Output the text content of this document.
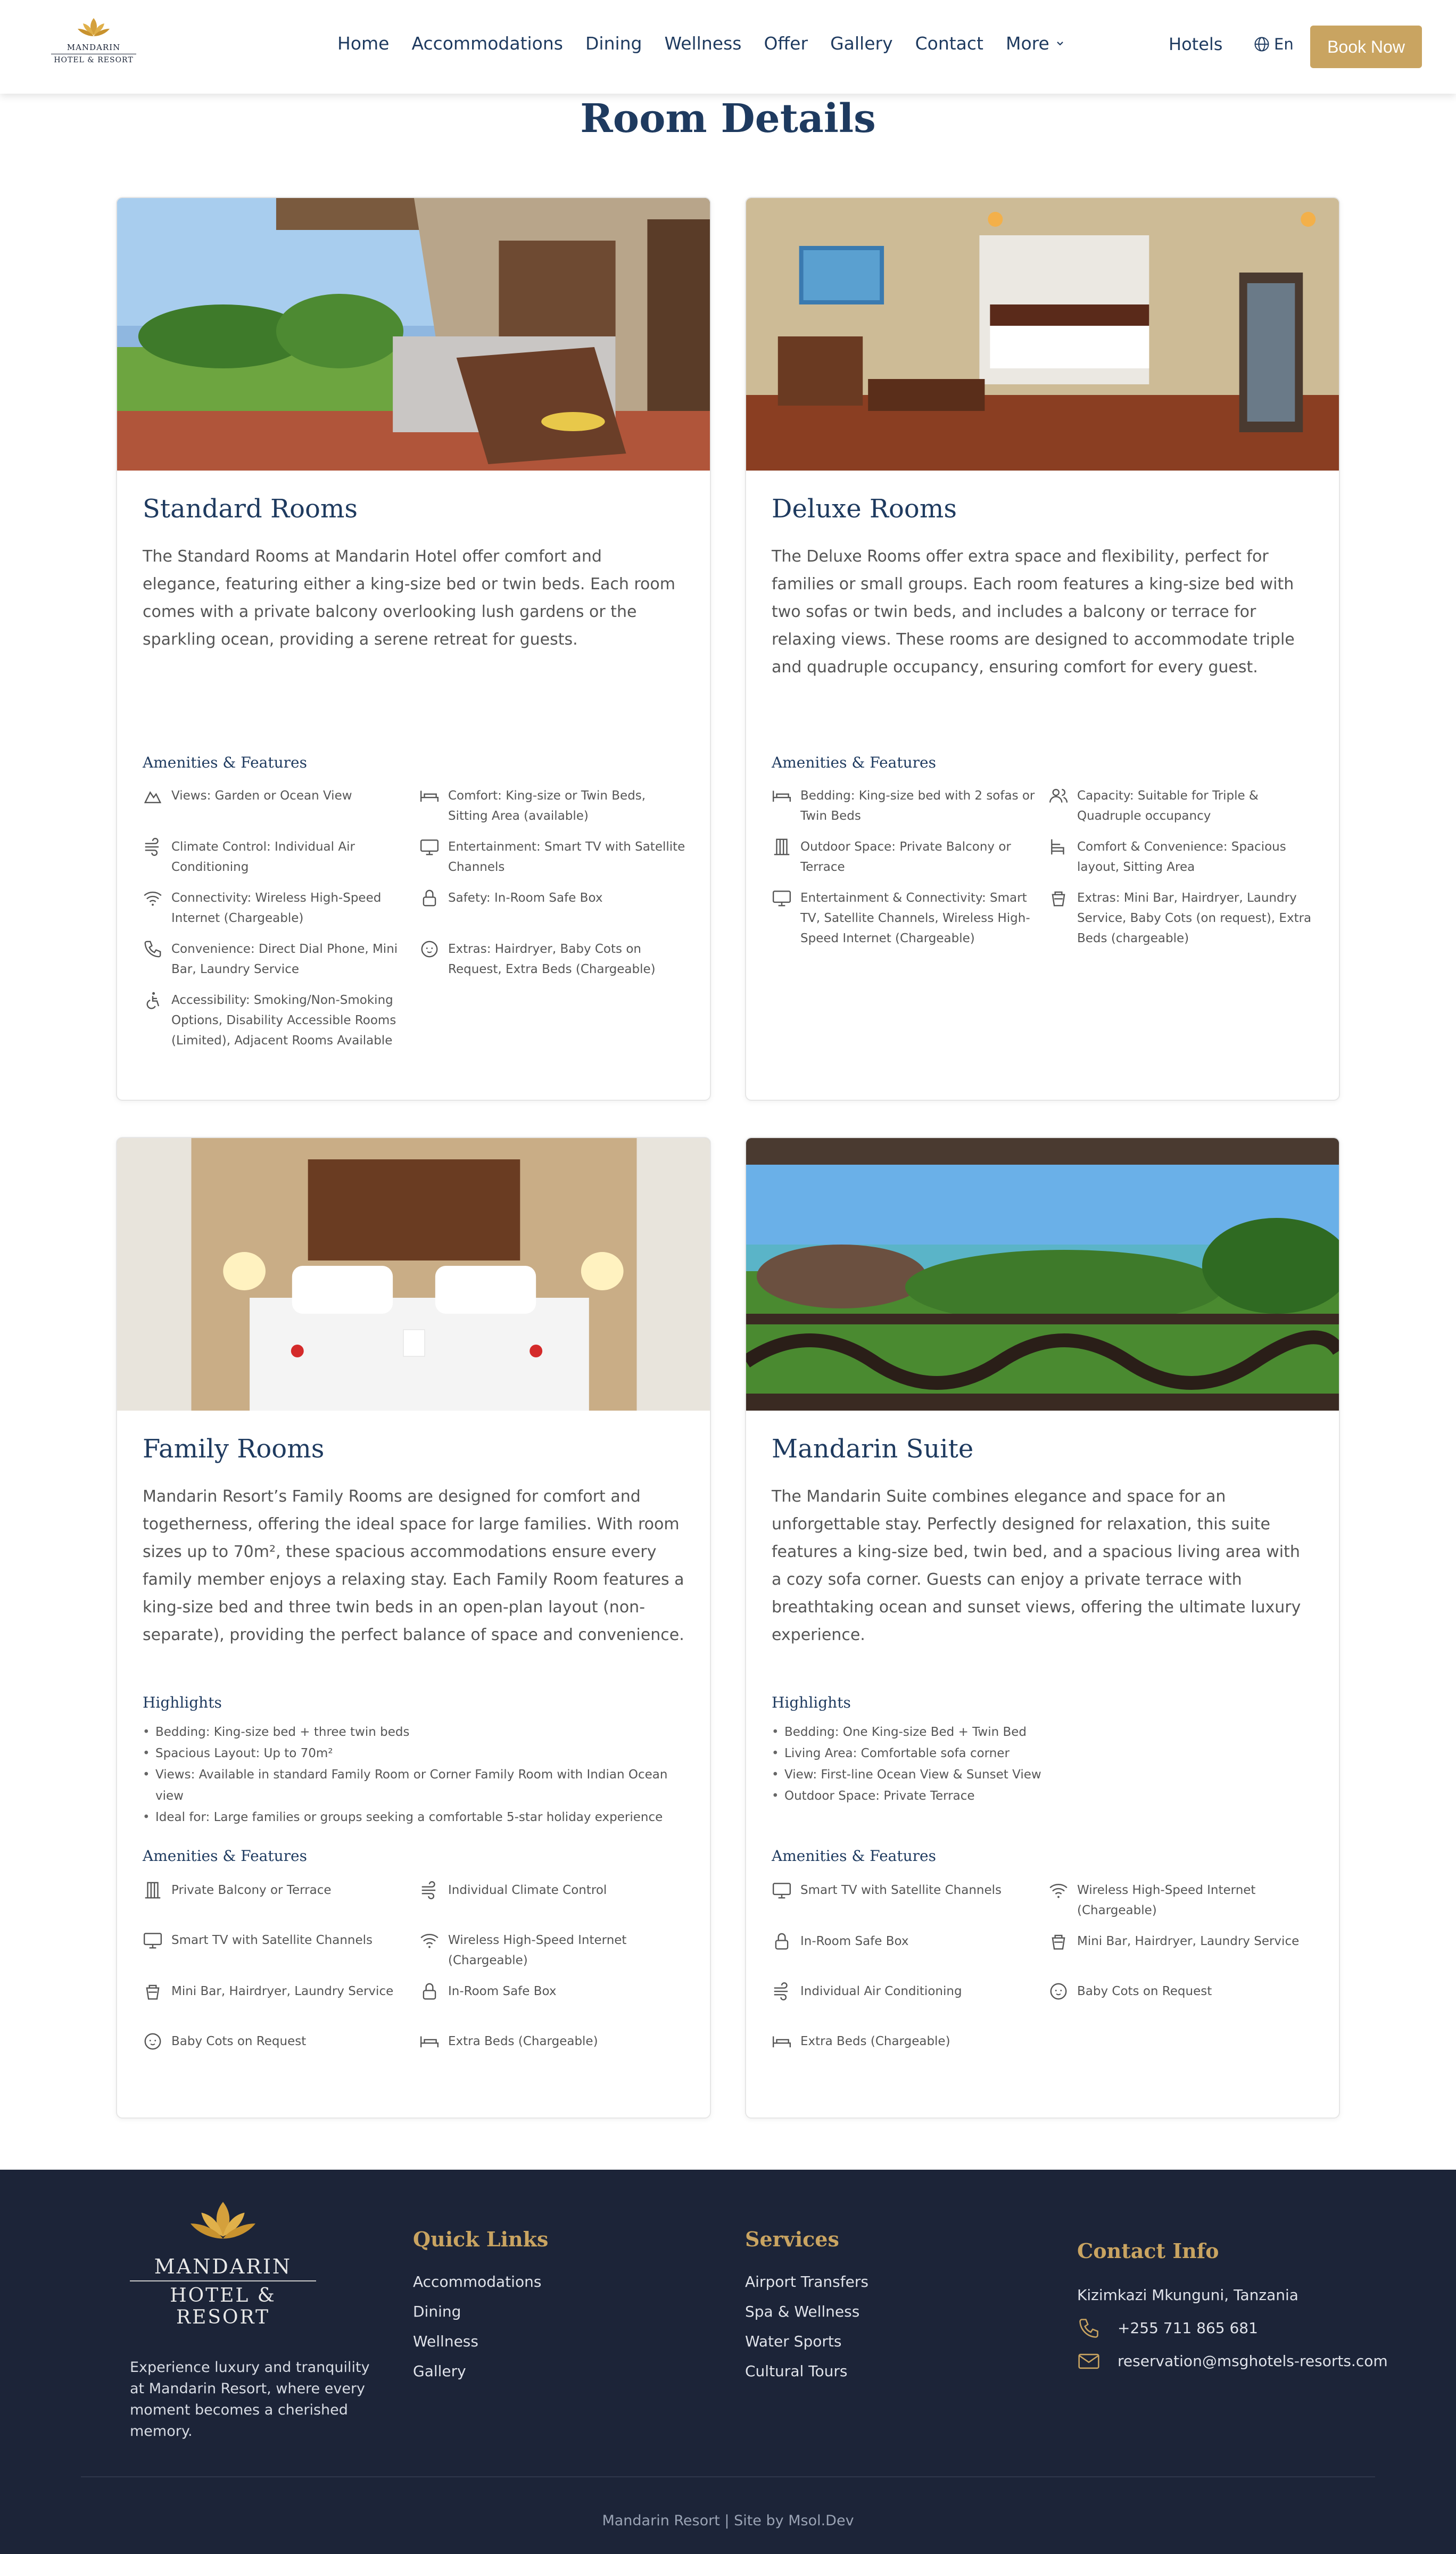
MANDARIN
HOTEL & RESORT
Home Accommodations Dining Wellness Offer Gallery Contact More	Hotels	En	Book Now
Room Details
Standard Rooms

The Standard Rooms at Mandarin Hotel offer comfort and elegance, featuring either a king-size bed or twin beds. Each room comes with a private balcony overlooking lush gardens or the sparkling ocean, providing a serene retreat for guests.

Amenities & Features
Views: Garden or Ocean View	Comfort: King-size or Twin Beds, Sitting Area (available)
Climate Control: Individual Air Conditioning
Entertainment: Smart TV with Satellite Channels
Connectivity: Wireless High-Speed Internet (Chargeable)
Safety: In-Room Safe Box
Convenience: Direct Dial Phone, Mini Bar, Laundry Service
Extras: Hairdryer, Baby Cots on Request, Extra Beds (Chargeable)
Accessibility: Smoking/Non-Smoking Options, Disability Accessible Rooms (Limited), Adjacent Rooms Available
Deluxe Rooms

The Deluxe Rooms offer extra space and flexibility, perfect for families or small groups. Each room features a king-size bed with two sofas or twin beds, and includes a balcony or terrace for relaxing views. These rooms are designed to accommodate triple and quadruple occupancy, ensuring comfort for every guest.

Amenities & Features
Bedding: King-size bed with 2 sofas or Twin Beds
Capacity: Suitable for Triple & Quadruple occupancy
Outdoor Space: Private Balcony or Terrace
Comfort & Convenience: Spacious layout, Sitting Area
Entertainment & Connectivity: Smart TV, Satellite Channels, Wireless High-Speed Internet (Chargeable)
Extras: Mini Bar, Hairdryer, Laundry Service, Baby Cots (on request), Extra Beds (chargeable)
Family Rooms

Mandarin Resort’s Family Rooms are designed for comfort and togetherness, offering the ideal space for large families. With room sizes up to 70m², these spacious accommodations ensure every family member enjoys a relaxing stay. Each Family Room features a king-size bed and three twin beds in an open-plan layout (non-separate), providing the perfect balance of space and convenience.

Highlights
• Bedding: King-size bed + three twin beds
• Spacious Layout: Up to 70m²
• Views: Available in standard Family Room or Corner Family Room with Indian Ocean view
• Ideal for: Large families or groups seeking a comfortable 5-star holiday experience
Amenities & Features
Private Balcony or Terrace	Individual Climate Control
Smart TV with Satellite Channels	Wireless High-Speed Internet (Chargeable)
Mini Bar, Hairdryer, Laundry Service	In-Room Safe Box
Baby Cots on Request	Extra Beds (Chargeable)
Mandarin Suite

The Mandarin Suite combines elegance and space for an unforgettable stay. Perfectly designed for relaxation, this suite features a king-size bed, twin bed, and a spacious living area with a cozy sofa corner. Guests can enjoy a private terrace with breathtaking ocean and sunset views, offering the ultimate luxury experience.

Highlights
• Bedding: One King-size Bed + Twin Bed
• Living Area: Comfortable sofa corner
• View: First-line Ocean View & Sunset View
• Outdoor Space: Private Terrace
Amenities & Features
Smart TV with Satellite Channels	Wireless High-Speed Internet (Chargeable)
In-Room Safe Box	Mini Bar, Hairdryer, Laundry Service
Individual Air Conditioning	Baby Cots on Request
Extra Beds (Chargeable)
MANDARIN
HOTEL & RESORT

Experience luxury and tranquility at Mandarin Resort, where every moment becomes a cherished memory.

Quick Links
Accommodations
Dining
Wellness
Gallery
Services
Airport Transfers
Spa & Wellness
Water Sports
Cultural Tours
Contact Info
Kizimkazi Mkunguni, Tanzania
+255 711 865 681
reservation@msghotels-resorts.com
Mandarin Resort | Site by Msol.Dev
